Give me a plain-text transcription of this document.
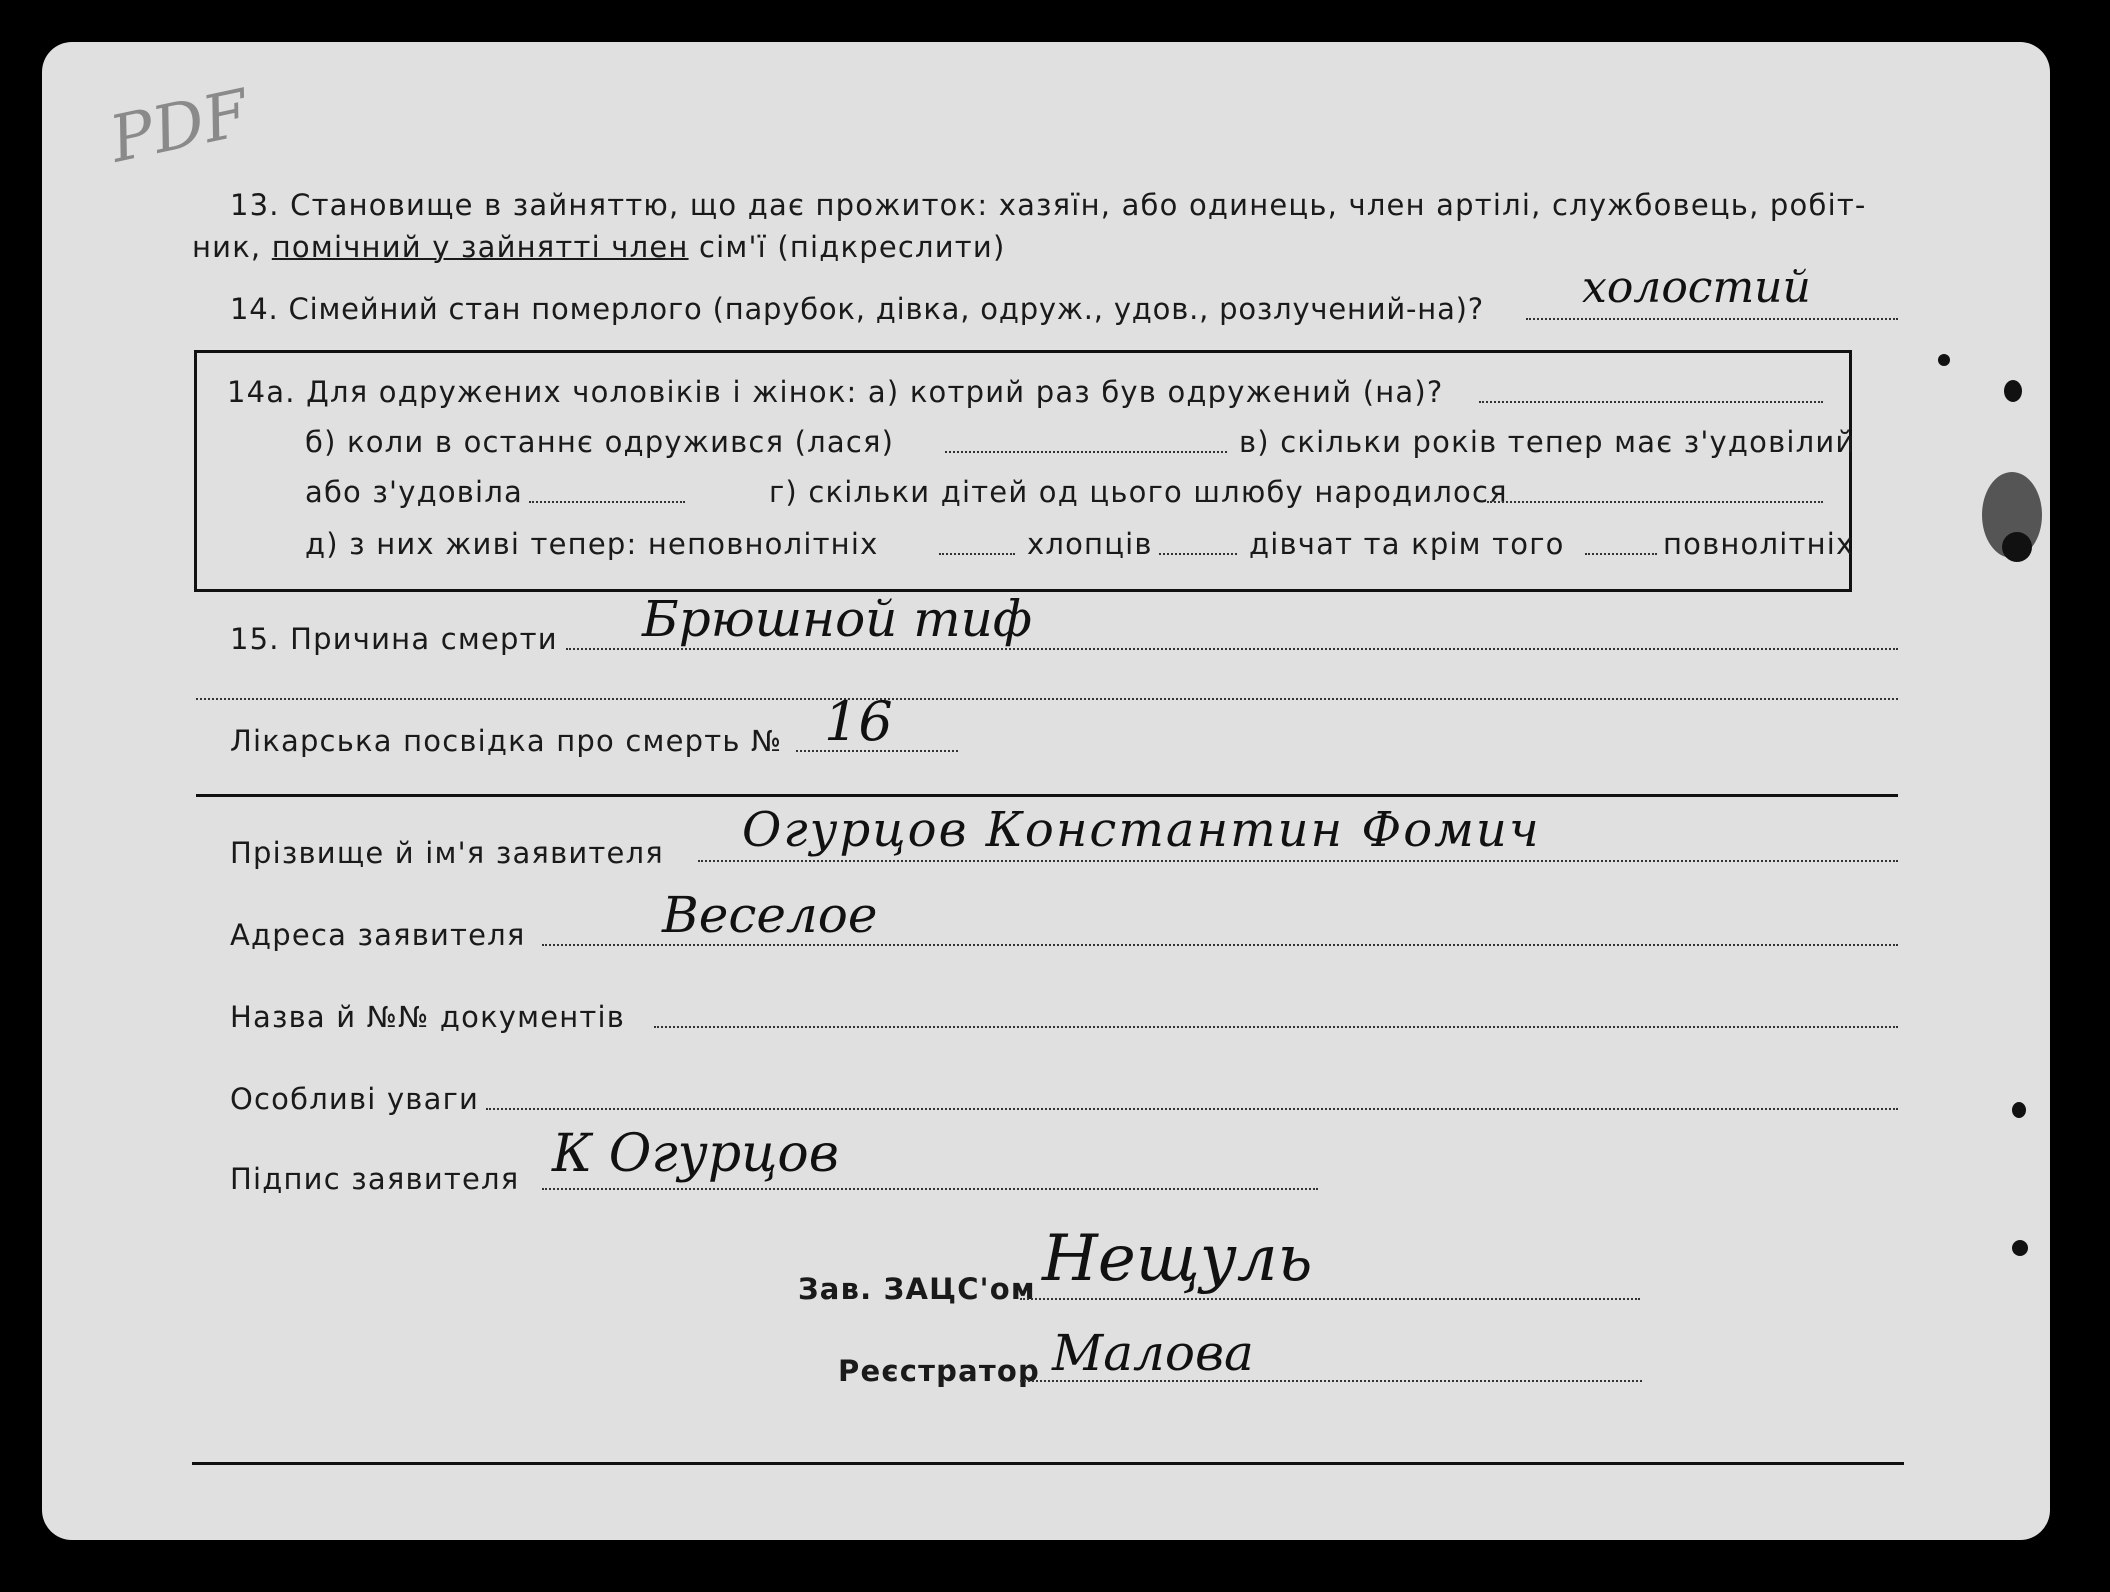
PDF
13. Становище в зайняттю, що дає прожиток: хазяїн, або одинець, член артілі, службовець, робіт-
ник, помічний у зайнятті член сім'ї (підкреслити)
14. Сімейний стан померлого (парубок, дівка, одруж., удов., розлучений-на)? холостий
14а. Для одружених чоловіків і жінок: а) котрий раз був одружений (на)?
б) коли в останнє одружився (лася)	в) скільки років тепер має з'удовілий
або з'удовіла	г) скільки дітей од цього шлюбу народилося
д) з них живі тепер: неповнолітніх	хлопців	дівчат та крім того	повнолітніх
15. Причина смерти Брюшной тиф
Лікарська посвідка про смерть № 16
Прізвище й ім'я заявителя Огурцов Константин Фомич
Адреса заявителя	Веселое
Назва й №№ документів
Особливі уваги
Підпис заявителя К Огурцов
Зав. ЗАЦС'ом Нещуль
Реєстратор Малова
